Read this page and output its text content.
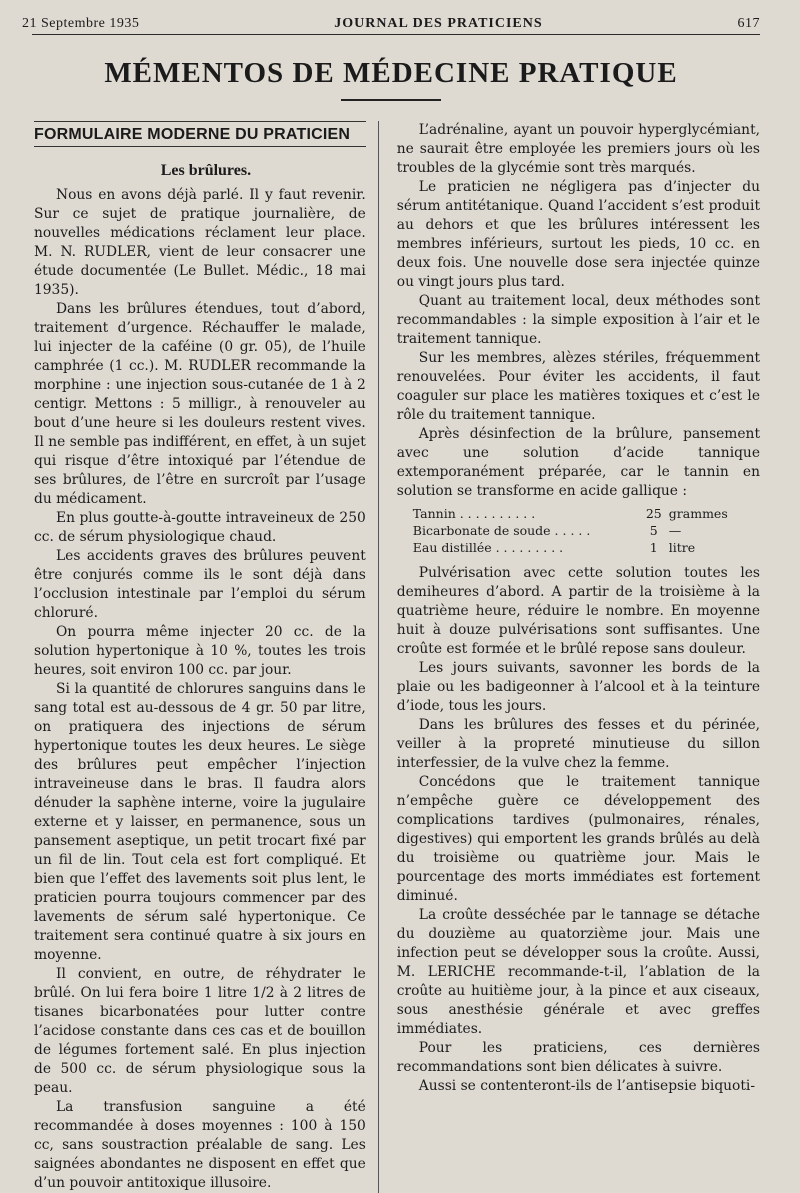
21 Septembre 1935	JOURNAL DES PRATICIENS	617
MÉMENTOS DE MÉDECINE PRATIQUE
FORMULAIRE MODERNE DU PRATICIEN
Les brûlures.

Nous en avons déjà parlé. Il y faut revenir. Sur ce sujet de pratique journalière, de nouvelles médications réclament leur place. M. N. RUDLER, vient de leur consacrer une étude documentée (Le Bullet. Médic., 18 mai 1935).

Dans les brûlures étendues, tout d’abord, traitement d’urgence. Réchauffer le malade, lui injecter de la caféine (0 gr. 05), de l’huile camphrée (1 cc.). M. RUDLER recommande la morphine : une injection sous-cutanée de 1 à 2 centigr. Mettons : 5 milligr., à renouveler au bout d’une heure si les douleurs restent vives. Il ne semble pas indifférent, en effet, à un sujet qui risque d’être intoxiqué par l’étendue de ses brûlures, de l’être en surcroît par l’usage du médicament.

En plus goutte-à-goutte intraveineux de 250 cc. de sérum physiologique chaud.

Les accidents graves des brûlures peuvent être conjurés comme ils le sont déjà dans l’occlusion intestinale par l’emploi du sérum chloruré.

On pourra même injecter 20 cc. de la solution hypertonique à 10 %, toutes les trois heures, soit environ 100 cc. par jour.

Si la quantité de chlorures sanguins dans le sang total est au-dessous de 4 gr. 50 par litre, on pratiquera des injections de sérum hypertonique toutes les deux heures. Le siège des brûlures peut empêcher l’injection intraveineuse dans le bras. Il faudra alors dénuder la saphène interne, voire la jugulaire externe et y laisser, en permanence, sous un pansement aseptique, un petit trocart fixé par un fil de lin. Tout cela est fort compliqué. Et bien que l’effet des lavements soit plus lent, le praticien pourra toujours commencer par des lavements de sérum salé hypertonique. Ce traitement sera continué quatre à six jours en moyenne.

Il convient, en outre, de réhydrater le brûlé. On lui fera boire 1 litre 1/2 à 2 litres de tisanes bicarbonatées pour lutter contre l’acidose constante dans ces cas et de bouillon de légumes fortement salé. En plus injection de 500 cc. de sérum physiologique sous la peau.

La transfusion sanguine a été recommandée à doses moyennes : 100 à 150 cc, sans soustraction préalable de sang. Les saignées abondantes ne disposent en effet que d’un pouvoir antitoxique illusoire.

L’adrénaline, ayant un pouvoir hyperglycémiant, ne saurait être employée les premiers jours où les troubles de la glycémie sont très marqués.

Le praticien ne négligera pas d’injecter du sérum antitétanique. Quand l’accident s’est produit au dehors et que les brûlures intéressent les membres inférieurs, surtout les pieds, 10 cc. en deux fois. Une nouvelle dose sera injectée quinze ou vingt jours plus tard.

Quant au traitement local, deux méthodes sont recommandables : la simple exposition à l’air et le traitement tannique.

Sur les membres, alèzes stériles, fréquemment renouvelées. Pour éviter les accidents, il faut coaguler sur place les matières toxiques et c’est le rôle du traitement tannique.

Après désinfection de la brûlure, pansement avec une solution d’acide tannique extemporanément préparée, car le tannin en solution se transforme en acide gallique :

Tannin . . . . . . . . . .	25 grammes
Bicarbonate de soude . . . . .	5 —
Eau distillée . . . . . . . . .	1 litre

Pulvérisation avec cette solution toutes les demiheures d’abord. A partir de la troisième à la quatrième heure, réduire le nombre. En moyenne huit à douze pulvérisations sont suffisantes. Une croûte est formée et le brûlé repose sans douleur.

Les jours suivants, savonner les bords de la plaie ou les badigeonner à l’alcool et à la teinture d’iode, tous les jours.

Dans les brûlures des fesses et du périnée, veiller à la propreté minutieuse du sillon interfessier, de la vulve chez la femme.

Concédons que le traitement tannique n’empêche guère ce développement des complications tardives (pulmonaires, rénales, digestives) qui emportent les grands brûlés au delà du troisième ou quatrième jour. Mais le pourcentage des morts immédiates est fortement diminué.

La croûte desséchée par le tannage se détache du douzième au quatorzième jour. Mais une infection peut se développer sous la croûte. Aussi, M. LERICHE recommande-t-il, l’ablation de la croûte au huitième jour, à la pince et aux ciseaux, sous anesthésie générale et avec greffes immédiates.

Pour les praticiens, ces dernières recommandations sont bien délicates à suivre.

Aussi se contenteront-ils de l’antisepsie biquoti-
